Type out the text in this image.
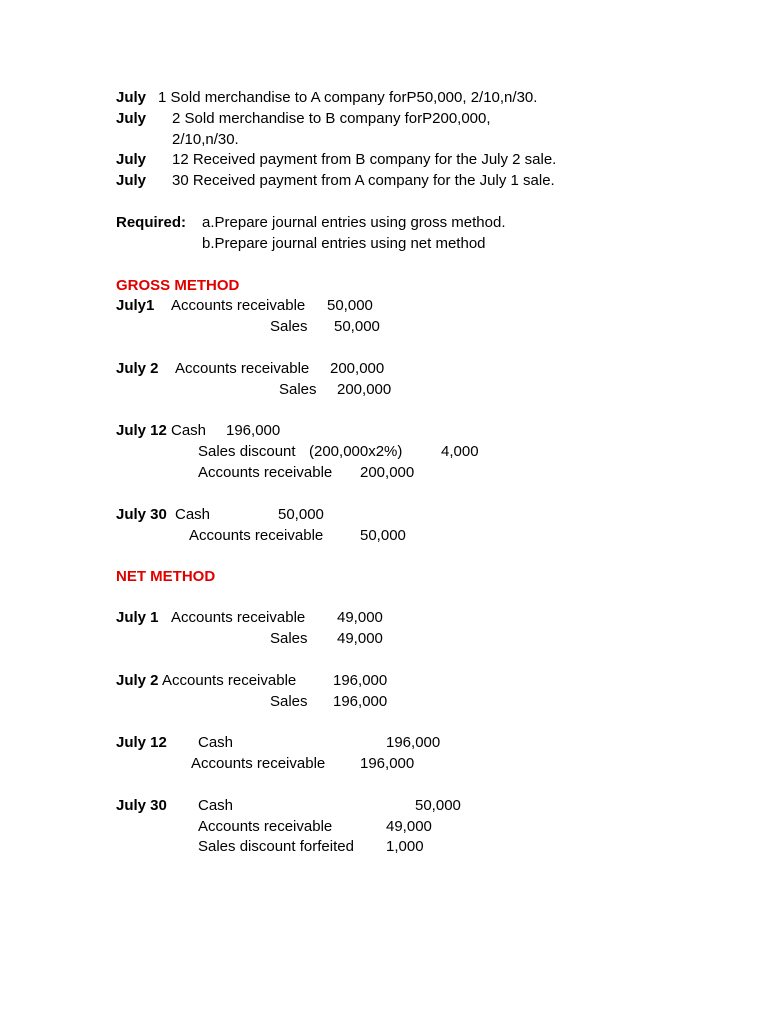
July 1 Sold merchandise to A company forP50,000, 2/10,n/30.
July 2 Sold merchandise to B company forP200,000,
2/10,n/30.
July 12 Received payment from B company for the July 2 sale.
July 30 Received payment from A company for the July 1 sale.
Required: a.Prepare journal entries using gross method.
b.Prepare journal entries using net method
GROSS METHOD
July1 Accounts receivable 50,000
Sales 50,000
July 2 Accounts receivable 200,000
Sales 200,000
July 12 Cash 196,000
Sales discount (200,000x2%)	4,000
Accounts receivable 200,000
July 30 Cash	50,000
Accounts receivable 50,000
NET METHOD
July 1 Accounts receivable 49,000
Sales 49,000
July 2 Accounts receivable 196,000
Sales 196,000
July 12 Cash	196,000
Accounts receivable 196,000
July 30 Cash	50,000
Accounts receivable	49,000
Sales discount forfeited 1,000
